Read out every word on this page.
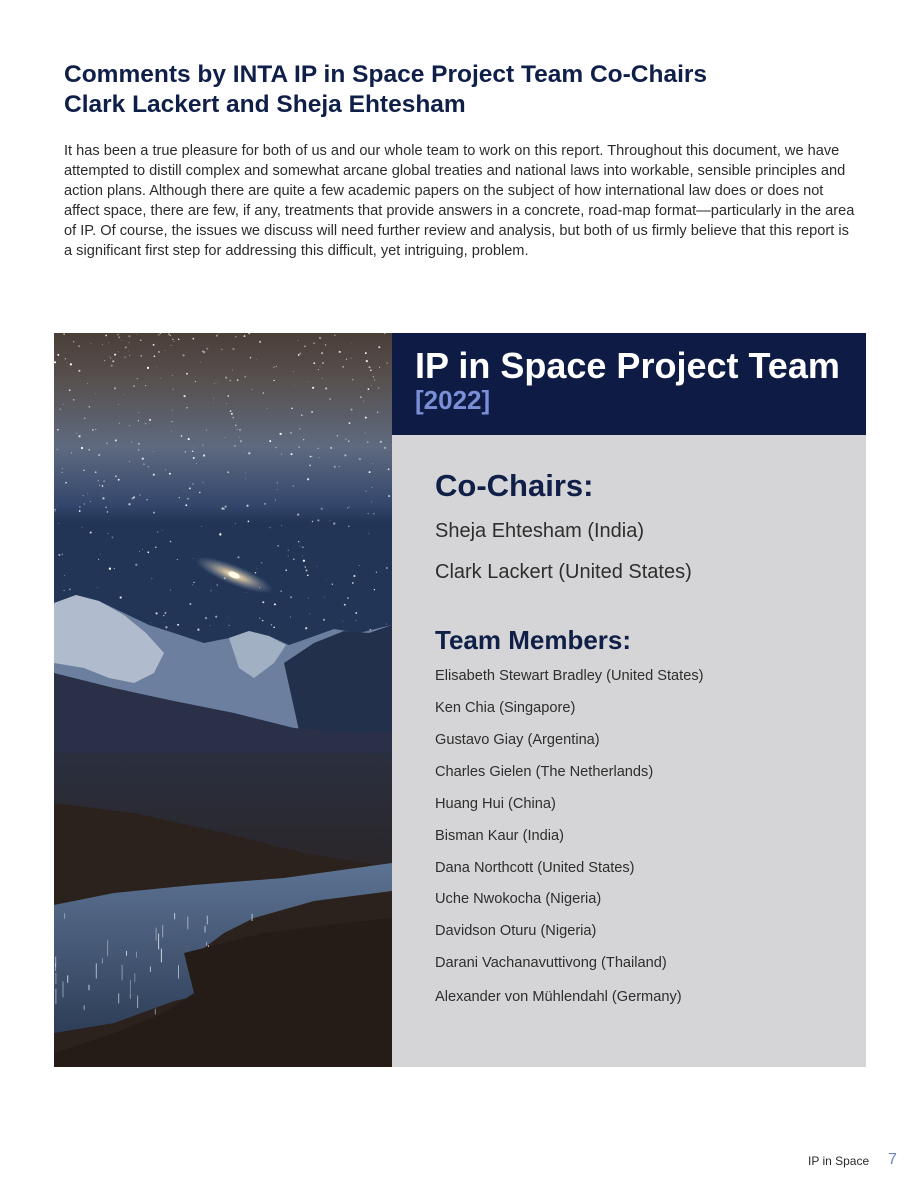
Comments by INTA IP in Space Project Team Co-Chairs
Clark Lackert and Sheja Ehtesham

It has been a true pleasure for both of us and our whole team to work on this report. Throughout this document, we have attempted to distill complex and somewhat arcane global treaties and national laws into workable, sensible principles and action plans. Although there are quite a few academic papers on the subject of how international law does or does not affect space, there are few, if any, treatments that provide answers in a concrete, road-map format—particularly in the area of IP. Of course, the issues we discuss will need further review and analysis, but both of us firmly believe that this report is a significant first step for addressing this difficult, yet intriguing, problem.

IP in Space Project Team
[2022]
Co-Chairs:
Sheja Ehtesham (India)
Clark Lackert (United States)
Team Members:
Elisabeth Stewart Bradley (United States)
Ken Chia (Singapore)
Gustavo Giay (Argentina)
Charles Gielen (The Netherlands)
Huang Hui (China)
Bisman Kaur (India)
Dana Northcott (United States)
Uche Nwokocha (Nigeria)
Davidson Oturu (Nigeria)
Darani Vachanavuttivong (Thailand)
Alexander von Mühlendahl (Germany)
IP in Space 7
